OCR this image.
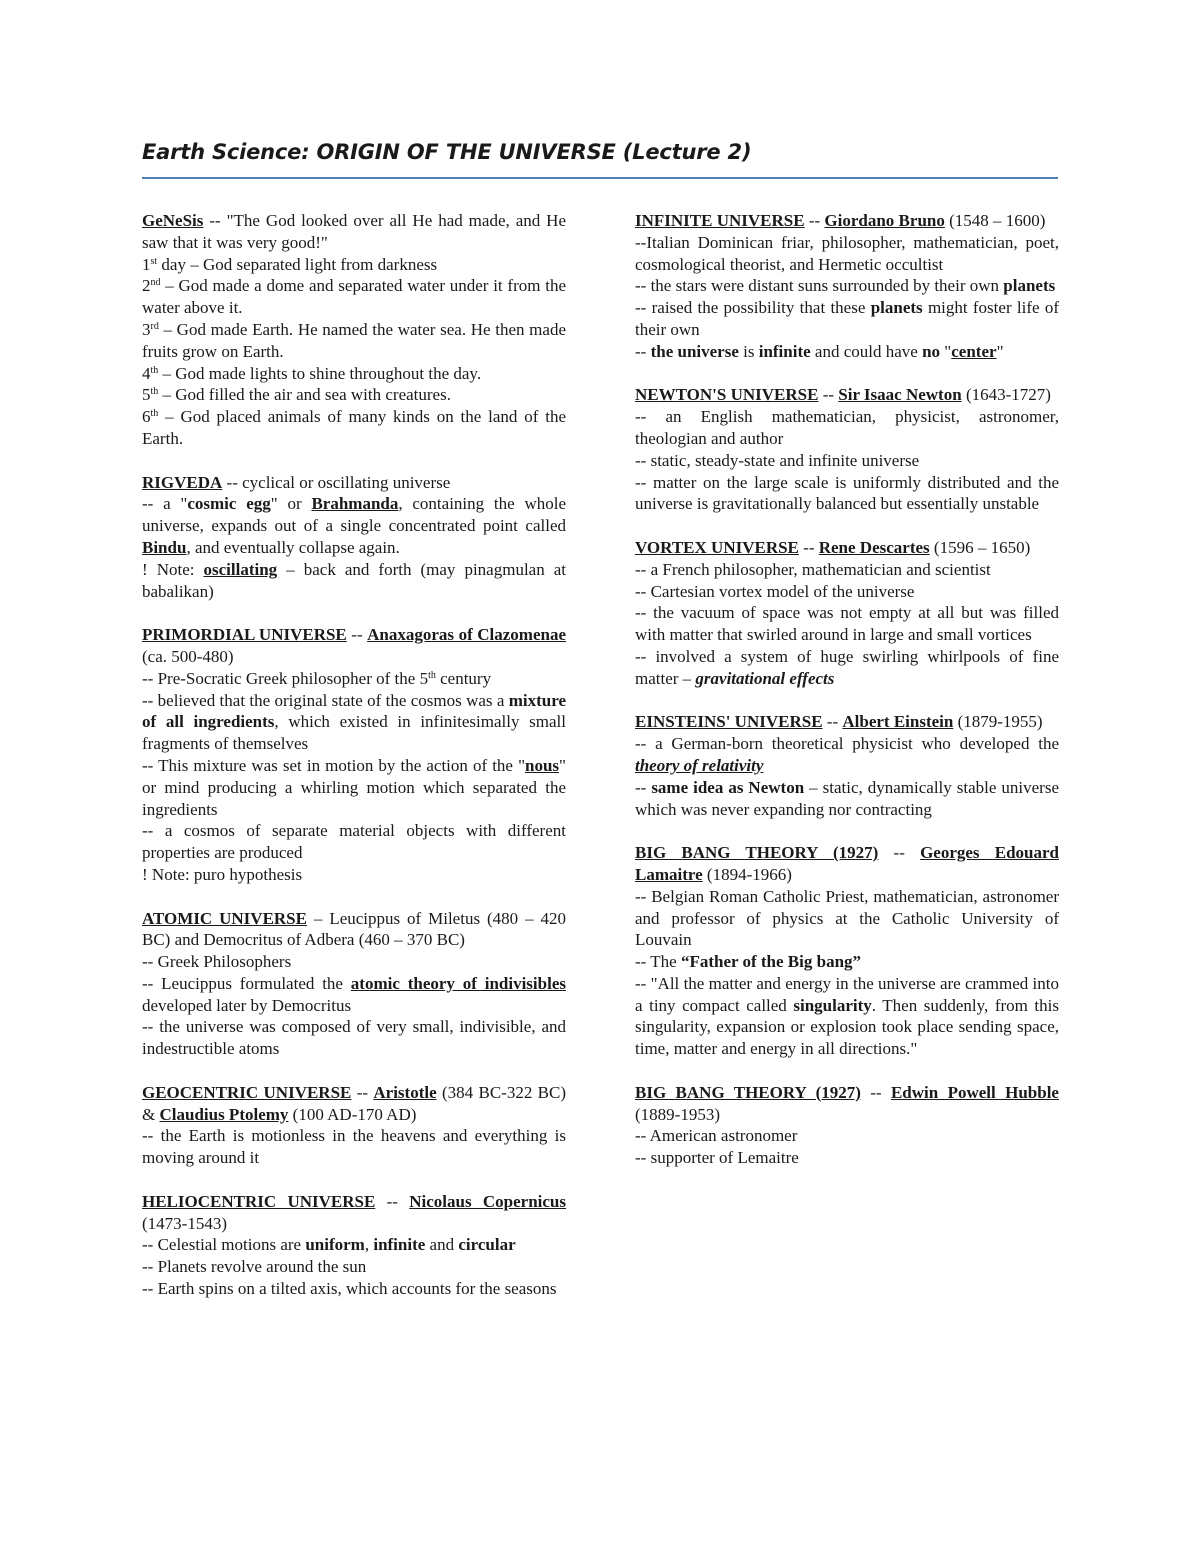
Earth Science: ORIGIN OF THE UNIVERSE (Lecture 2)

GeNeSis -- "The God looked over all He had made, and He saw that it was very good!"

1st day – God separated light from darkness

2nd – God made a dome and separated water under it from the water above it.

3rd – God made Earth. He named the water sea. He then made fruits grow on Earth.

4th – God made lights to shine throughout the day.

5th – God filled the air and sea with creatures.

6th – God placed animals of many kinds on the land of the Earth.

RIGVEDA -- cyclical or oscillating universe

-- a "cosmic egg" or Brahmanda, containing the whole universe, expands out of a single concentrated point called Bindu, and eventually collapse again.

! Note: oscillating – back and forth (may pinagmulan at babalikan)

PRIMORDIAL UNIVERSE -- Anaxagoras of Clazomenae (ca. 500-480)

-- Pre-Socratic Greek philosopher of the 5th century

-- believed that the original state of the cosmos was a mixture of all ingredients, which existed in infinitesimally small fragments of themselves

-- This mixture was set in motion by the action of the "nous" or mind producing a whirling motion which separated the ingredients

-- a cosmos of separate material objects with different properties are produced

! Note: puro hypothesis

ATOMIC UNIVERSE – Leucippus of Miletus (480 – 420 BC) and Democritus of Adbera (460 – 370 BC)

-- Greek Philosophers

-- Leucippus formulated the atomic theory of indivisibles developed later by Democritus

-- the universe was composed of very small, indivisible, and indestructible atoms

GEOCENTRIC UNIVERSE -- Aristotle (384 BC-322 BC) & Claudius Ptolemy (100 AD-170 AD)

-- the Earth is motionless in the heavens and everything is moving around it

HELIOCENTRIC UNIVERSE -- Nicolaus Copernicus (1473-1543)

-- Celestial motions are uniform, infinite and circular

-- Planets revolve around the sun

-- Earth spins on a tilted axis, which accounts for the seasons

INFINITE UNIVERSE -- Giordano Bruno (1548 – 1600)

--Italian Dominican friar, philosopher, mathematician, poet, cosmological theorist, and Hermetic occultist

-- the stars were distant suns surrounded by their own planets

-- raised the possibility that these planets might foster life of their own

-- the universe is infinite and could have no "center"

NEWTON'S UNIVERSE -- Sir Isaac Newton (1643-1727)

-- an English mathematician, physicist, astronomer, theologian and author

-- static, steady-state and infinite universe

-- matter on the large scale is uniformly distributed and the universe is gravitationally balanced but essentially unstable

VORTEX UNIVERSE -- Rene Descartes (1596 – 1650)

-- a French philosopher, mathematician and scientist

-- Cartesian vortex model of the universe

-- the vacuum of space was not empty at all but was filled with matter that swirled around in large and small vortices

-- involved a system of huge swirling whirlpools of fine matter – gravitational effects

EINSTEINS' UNIVERSE -- Albert Einstein (1879-1955)

-- a German-born theoretical physicist who developed the theory of relativity

-- same idea as Newton – static, dynamically stable universe which was never expanding nor contracting

BIG BANG THEORY (1927) -- Georges Edouard Lamaitre (1894-1966)

-- Belgian Roman Catholic Priest, mathematician, astronomer and professor of physics at the Catholic University of Louvain

-- The “Father of the Big bang”

-- "All the matter and energy in the universe are crammed into a tiny compact called singularity. Then suddenly, from this singularity, expansion or explosion took place sending space, time, matter and energy in all directions."

BIG BANG THEORY (1927) -- Edwin Powell Hubble (1889-1953)

-- American astronomer

-- supporter of Lemaitre
